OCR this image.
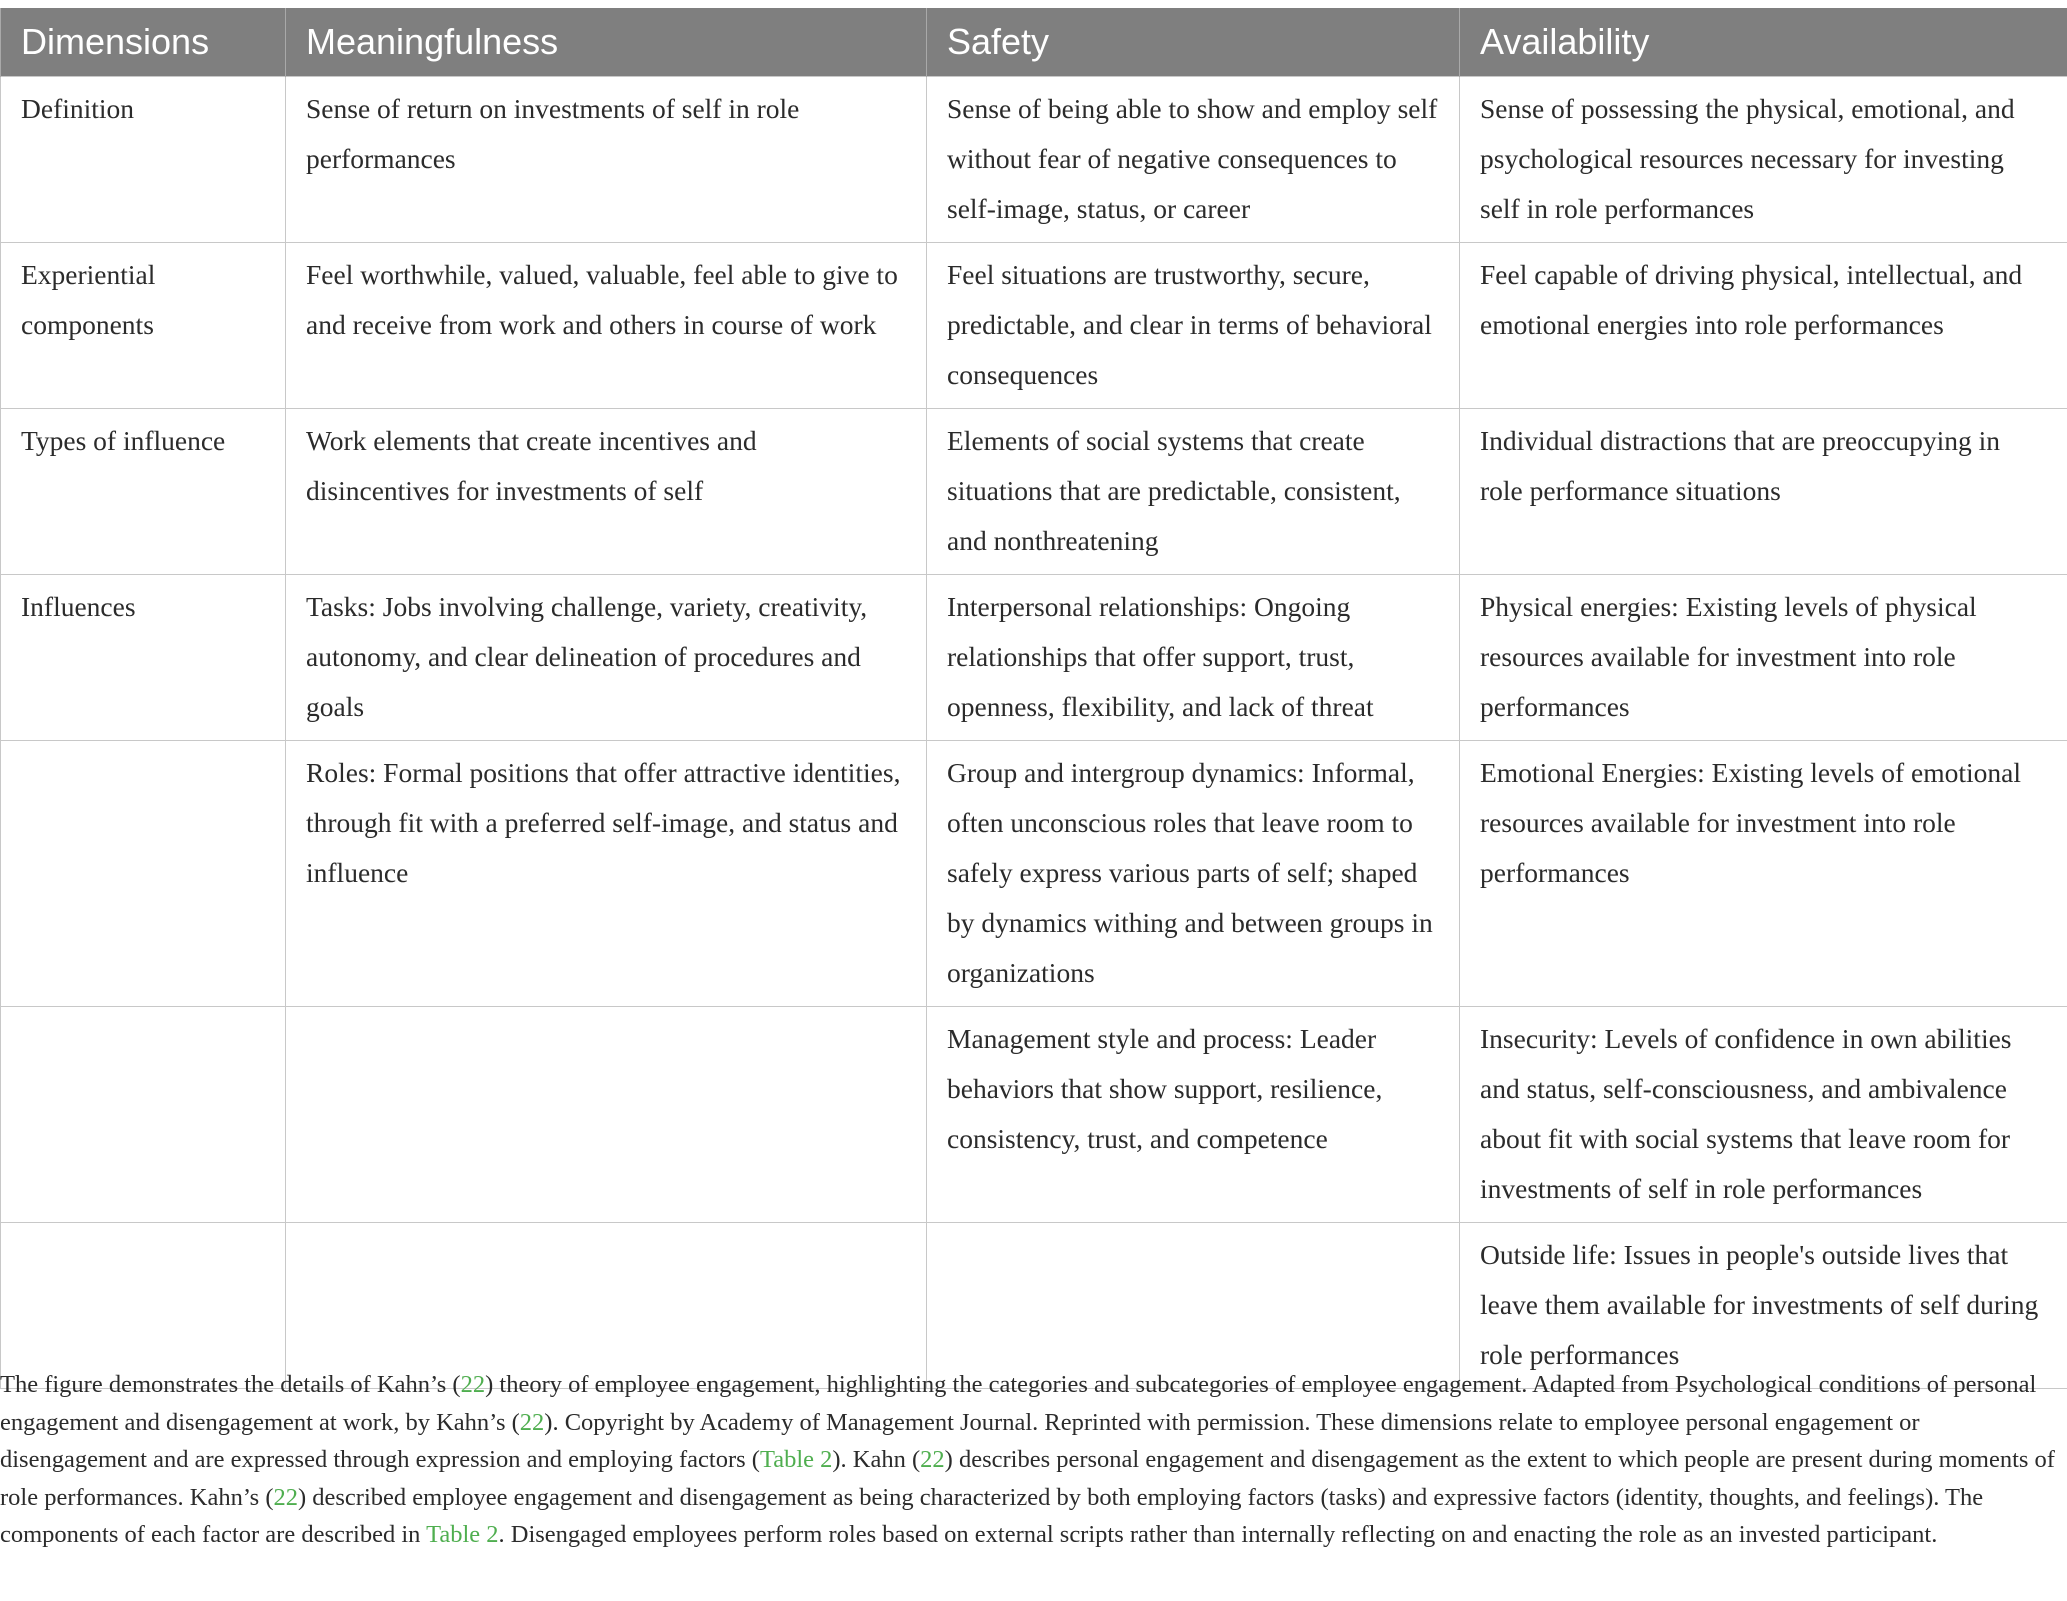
Dimensions	Meaningfulness	Safety	Availability
Definition	Sense of return on investments of self in role performances	Sense of being able to show and employ self without fear of negative consequences to self-image, status, or career	Sense of possessing the physical, emotional, and psychological resources necessary for investing self in role performances
Experiential components	Feel worthwhile, valued, valuable, feel able to give to and receive from work and others in course of work	Feel situations are trustworthy, secure, predictable, and clear in terms of behavioral consequences	Feel capable of driving physical, intellectual, and emotional energies into role performances
Types of influence	Work elements that create incentives and disincentives for investments of self	Elements of social systems that create situations that are predictable, consistent, and nonthreatening	Individual distractions that are preoccupying in role performance situations
Influences	Tasks: Jobs involving challenge, variety, creativity, autonomy, and clear delineation of procedures and goals	Interpersonal relationships: Ongoing relationships that offer support, trust, openness, flexibility, and lack of threat	Physical energies: Existing levels of physical resources available for investment into role performances
	Roles: Formal positions that offer attractive identities, through fit with a preferred self-image, and status and influence	Group and intergroup dynamics: Informal, often unconscious roles that leave room to safely express various parts of self; shaped by dynamics withing and between groups in organizations	Emotional Energies: Existing levels of emotional resources available for investment into role performances
		Management style and process: Leader behaviors that show support, resilience, consistency, trust, and competence	Insecurity: Levels of confidence in own abilities and status, self-consciousness, and ambivalence about fit with social systems that leave room for investments of self in role performances
			Outside life: Issues in people's outside lives that leave them available for investments of self during role performances

The figure demonstrates the details of Kahn’s (22) theory of employee engagement, highlighting the categories and subcategories of employee engagement. Adapted from Psychological conditions of personal engagement and disengagement at work, by Kahn’s (22). Copyright by Academy of Management Journal. Reprinted with permission. These dimensions relate to employee personal engagement or disengagement and are expressed through expression and employing factors (Table 2). Kahn (22) describes personal engagement and disengagement as the extent to which people are present during moments of role performances. Kahn’s (22) described employee engagement and disengagement as being characterized by both employing factors (tasks) and expressive factors (identity, thoughts, and feelings). The components of each factor are described in Table 2. Disengaged employees perform roles based on external scripts rather than internally reflecting on and enacting the role as an invested participant.
